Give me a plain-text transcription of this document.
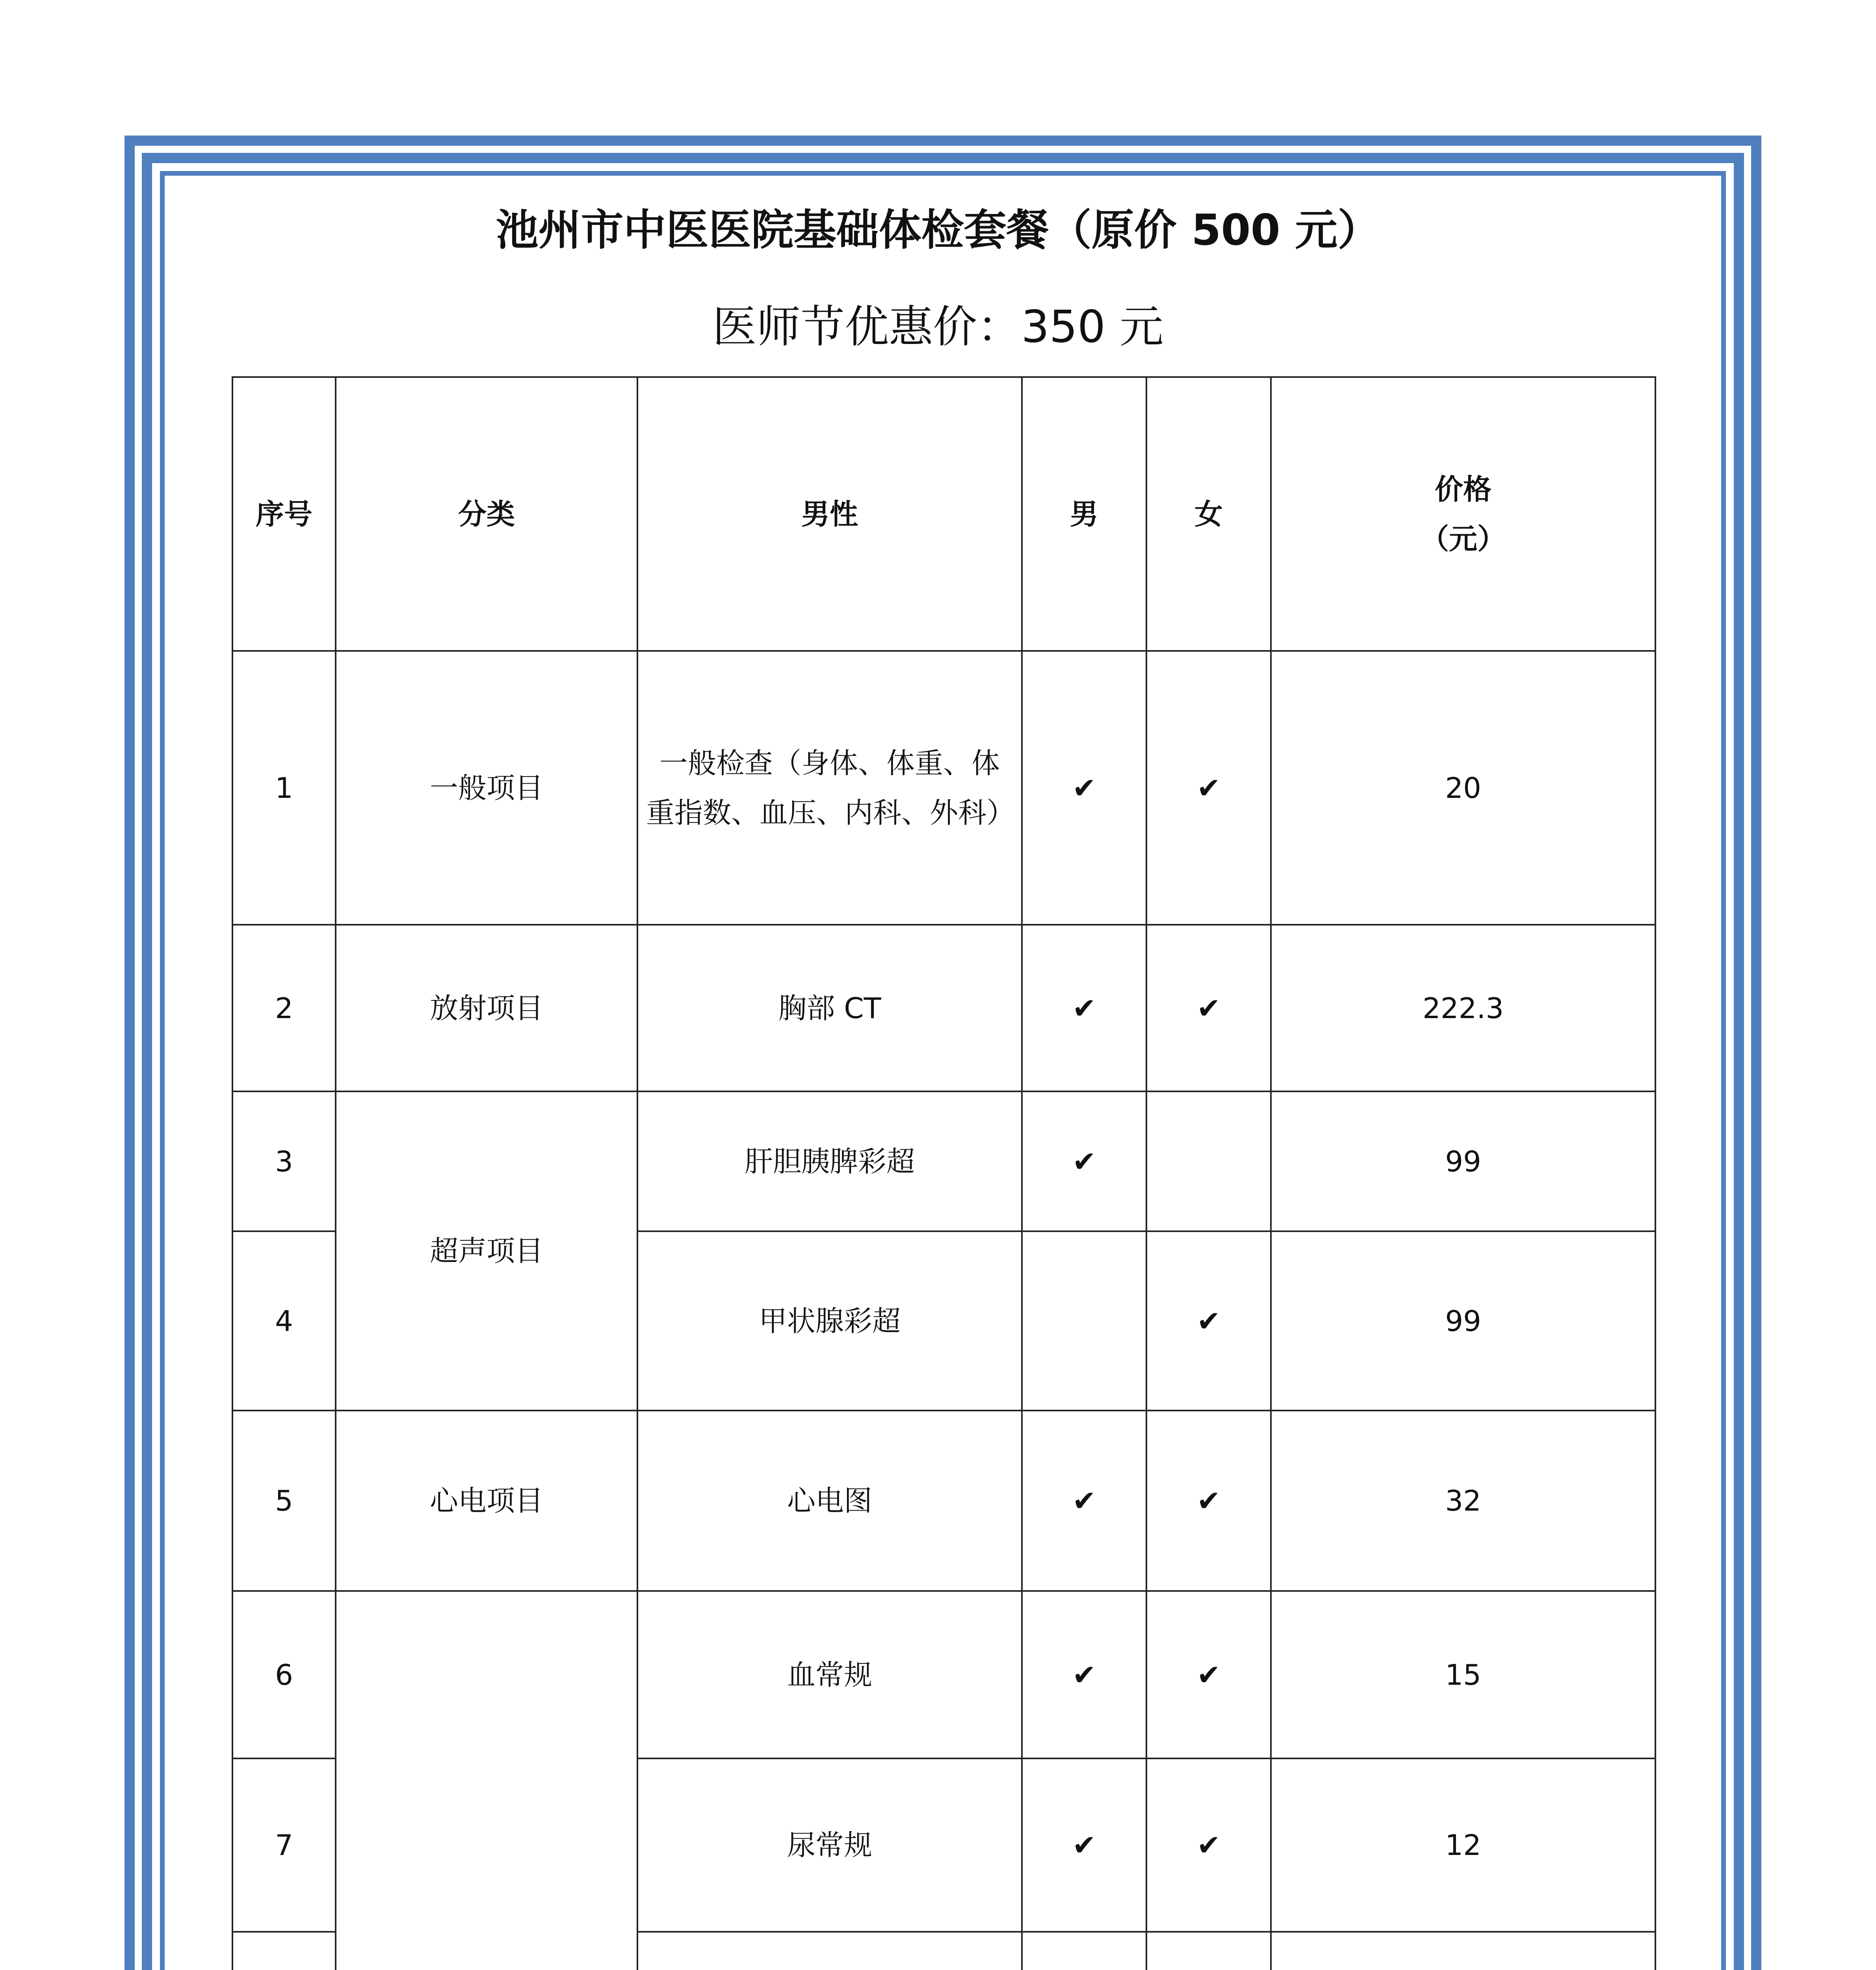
池州市中医医院基础体检套餐（原价 500 元）
医师节优惠价：350 元
序号	分类	男性	男	女	价格
（元）

1	一般项目	一般检查（身体、体重、体重指数、血压、内科、外科）	✔	✔	20
2	放射项目	胸部 CT	✔	✔	222.3
3	超声项目	肝胆胰脾彩超	✔		99
4		甲状腺彩超		✔	99
5	心电项目	心电图	✔	✔	32
6		血常规	✔	✔	15
7		尿常规	✔	✔	12
